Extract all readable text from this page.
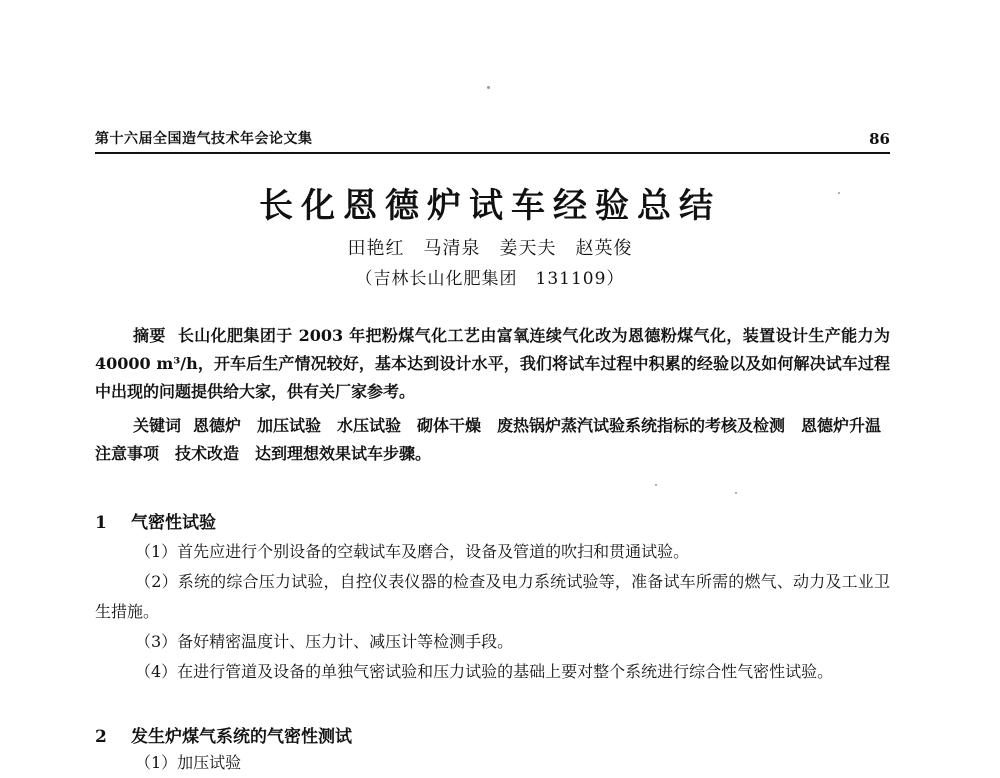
第十六届全国造气技术年会论文集	86
长化恩德炉试车经验总结
田艳红　马清泉　姜天夫　赵英俊
（吉林长山化肥集团　131109）

摘要 长山化肥集团于 2003 年把粉煤气化工艺由富氧连续气化改为恩德粉煤气化，装置设计生产能力为 40000 m³/h，开车后生产情况较好，基本达到设计水平，我们将试车过程中积累的经验以及如何解决试车过程中出现的问题提供给大家，供有关厂家参考。

关键词 恩德炉　加压试验　水压试验　砌体干燥　废热锅炉蒸汽试验系统指标的考核及检测　恩德炉升温注意事项　技术改造　达到理想效果试车步骤。

1 气密性试验

（1）首先应进行个别设备的空载试车及磨合，设备及管道的吹扫和贯通试验。

（2）系统的综合压力试验，自控仪表仪器的检查及电力系统试验等，准备试车所需的燃气、动力及工业卫生措施。

（3）备好精密温度计、压力计、减压计等检测手段。

（4）在进行管道及设备的单独气密试验和压力试验的基础上要对整个系统进行综合性气密性试验。

2 发生炉煤气系统的气密性测试

（1）加压试验
